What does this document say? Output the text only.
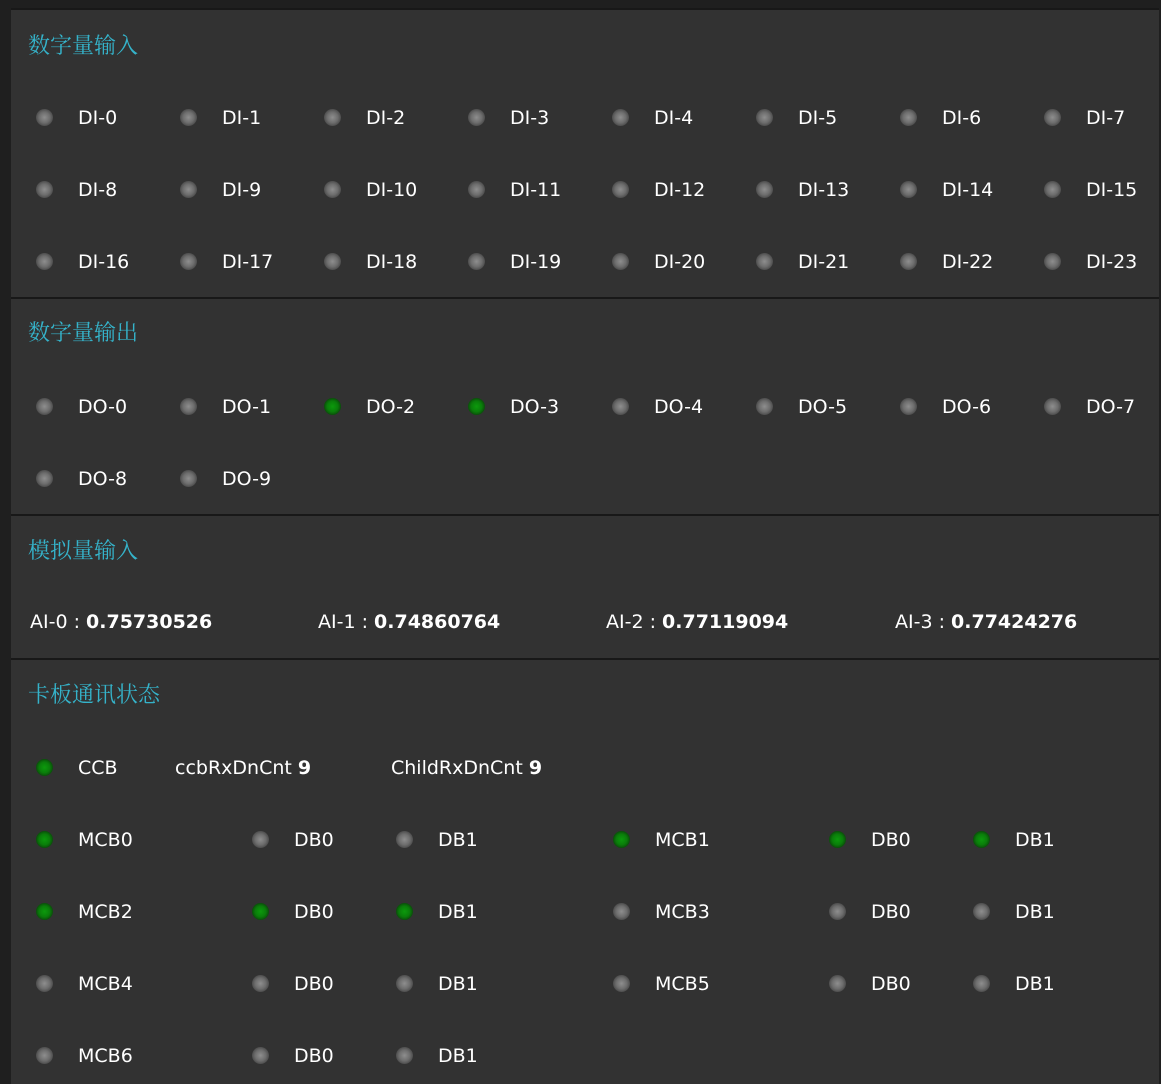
数字量输入
DI-0	DI-1	DI-2	DI-3	DI-4	DI-5	DI-6	DI-7
DI-8	DI-9	DI-10	DI-11	DI-12	DI-13	DI-14	DI-15
DI-16	DI-17	DI-18	DI-19	DI-20	DI-21	DI-22	DI-23
数字量输出
DO-0	DO-1	DO-2	DO-3	DO-4	DO-5	DO-6	DO-7
DO-8	DO-9
模拟量输入
AI-0 : 0.75730526	AI-1 : 0.74860764	AI-2 : 0.77119094	AI-3 : 0.77424276
卡板通讯状态
CCB	ccbRxDnCnt 9	ChildRxDnCnt 9
MCB0	DB0	DB1	MCB1	DB0	DB1
MCB2	DB0	DB1	MCB3	DB0	DB1
MCB4	DB0	DB1	MCB5	DB0	DB1
MCB6	DB0	DB1
